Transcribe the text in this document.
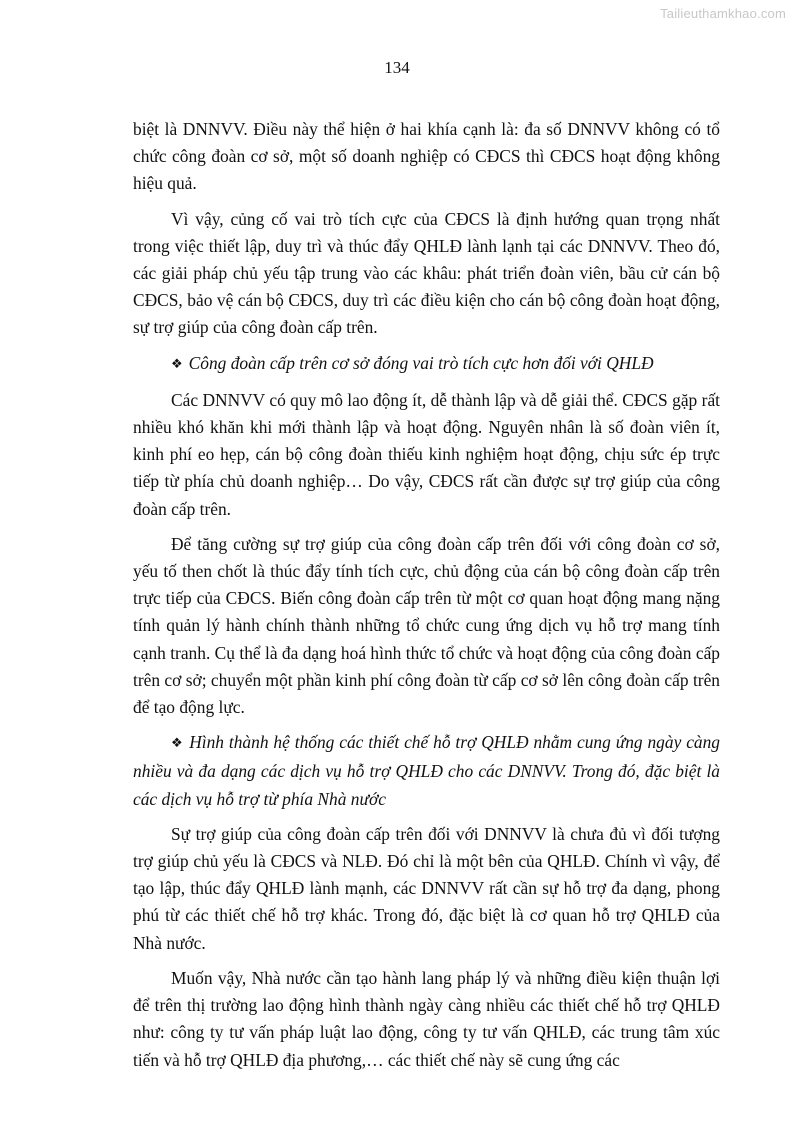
Tailieuthamkhao.com
134

biệt là DNNVV. Điều này thể hiện ở hai khía cạnh là: đa số DNNVV không có tổ chức công đoàn cơ sở, một số doanh nghiệp có CĐCS thì CĐCS hoạt động không hiệu quả.

Vì vậy, củng cố vai trò tích cực của CĐCS là định hướng quan trọng nhất trong việc thiết lập, duy trì và thúc đẩy QHLĐ lành lạnh tại các DNNVV. Theo đó, các giải pháp chủ yếu tập trung vào các khâu: phát triển đoàn viên, bầu cử cán bộ CĐCS, bảo vệ cán bộ CĐCS, duy trì các điều kiện cho cán bộ công đoàn hoạt động, sự trợ giúp của công đoàn cấp trên.

❖ Công đoàn cấp trên cơ sở đóng vai trò tích cực hơn đối với QHLĐ

Các DNNVV có quy mô lao động ít, dễ thành lập và dễ giải thể. CĐCS gặp rất nhiều khó khăn khi mới thành lập và hoạt động. Nguyên nhân là số đoàn viên ít, kinh phí eo hẹp, cán bộ công đoàn thiếu kinh nghiệm hoạt động, chịu sức ép trực tiếp từ phía chủ doanh nghiệp… Do vậy, CĐCS rất cần được sự trợ giúp của công đoàn cấp trên.

Để tăng cường sự trợ giúp của công đoàn cấp trên đối với công đoàn cơ sở, yếu tố then chốt là thúc đẩy tính tích cực, chủ động của cán bộ công đoàn cấp trên trực tiếp của CĐCS. Biến công đoàn cấp trên từ một cơ quan hoạt động mang nặng tính quản lý hành chính thành những tổ chức cung ứng dịch vụ hỗ trợ mang tính cạnh tranh. Cụ thể là đa dạng hoá hình thức tổ chức và hoạt động của công đoàn cấp trên cơ sở; chuyển một phần kinh phí công đoàn từ cấp cơ sở lên công đoàn cấp trên để tạo động lực.

❖ Hình thành hệ thống các thiết chế hỗ trợ QHLĐ nhằm cung ứng ngày càng nhiều và đa dạng các dịch vụ hỗ trợ QHLĐ cho các DNNVV. Trong đó, đặc biệt là các dịch vụ hỗ trợ từ phía Nhà nước

Sự trợ giúp của công đoàn cấp trên đối với DNNVV là chưa đủ vì đối tượng trợ giúp chủ yếu là CĐCS và NLĐ. Đó chỉ là một bên của QHLĐ. Chính vì vậy, để tạo lập, thúc đẩy QHLĐ lành mạnh, các DNNVV rất cần sự hỗ trợ đa dạng, phong phú từ các thiết chế hỗ trợ khác. Trong đó, đặc biệt là cơ quan hỗ trợ QHLĐ của Nhà nước.

Muốn vậy, Nhà nước cần tạo hành lang pháp lý và những điều kiện thuận lợi để trên thị trường lao động hình thành ngày càng nhiều các thiết chế hỗ trợ QHLĐ như: công ty tư vấn pháp luật lao động, công ty tư vấn QHLĐ, các trung tâm xúc tiến và hỗ trợ QHLĐ địa phương,… các thiết chế này sẽ cung ứng các
